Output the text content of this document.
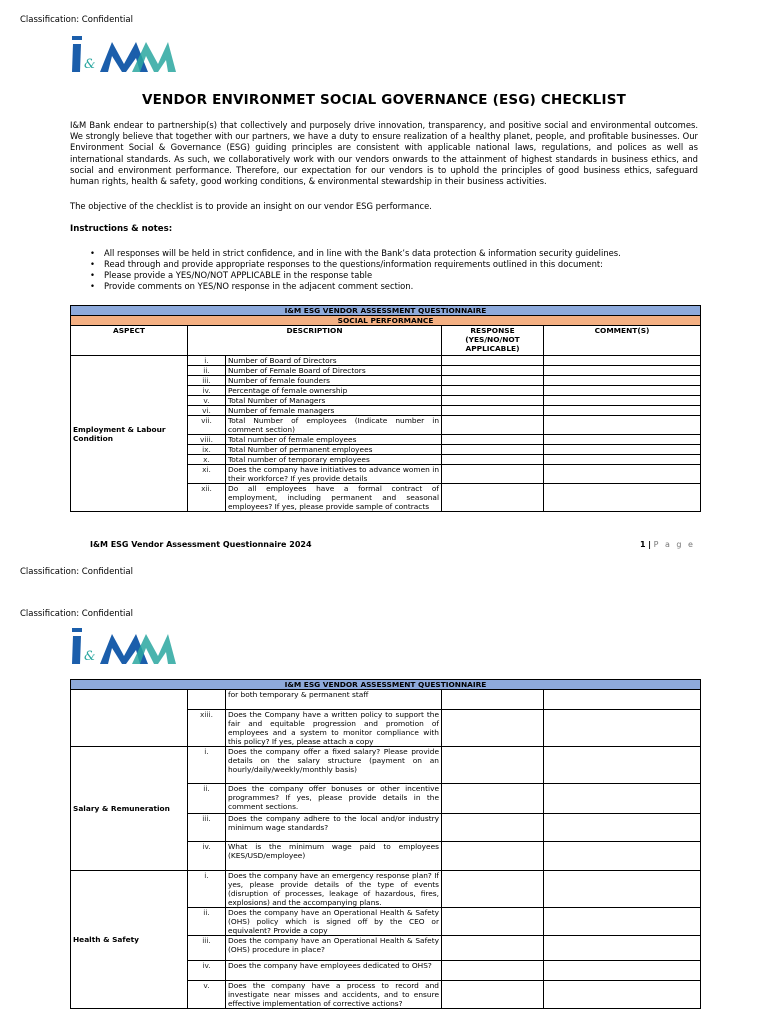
Classification: Confidential
&
VENDOR ENVIRONMET SOCIAL GOVERNANCE (ESG) CHECKLIST
I&M Bank endear to partnership(s) that collectively and purposely drive innovation, transparency, and positive social and environmental outcomes. We strongly believe that together with our partners, we have a duty to ensure realization of a healthy planet, people, and profitable businesses. Our Environment Social & Governance (ESG) guiding principles are consistent with applicable national laws, regulations, and polices as well as international standards. As such, we collaboratively work with our vendors onwards to the attainment of highest standards in business ethics, and social and environment performance. Therefore, our expectation for our vendors is to uphold the principles of good business ethics, safeguard human rights, health & safety, good working conditions, & environmental stewardship in their business activities.
The objective of the checklist is to provide an insight on our vendor ESG performance.
Instructions & notes:
• All responses will be held in strict confidence, and in line with the Bank’s data protection & information security guidelines.
• Read through and provide appropriate responses to the questions/information requirements outlined in this document:
• Please provide a YES/NO/NOT APPLICABLE in the response table
• Provide comments on YES/NO response in the adjacent comment section.
I&M ESG VENDOR ASSESSMENT QUESTIONNAIRE				
SOCIAL PERFORMANCE				
ASPECT	DESCRIPTION		RESPONSE (YES/NO/NOT APPLICABLE)	COMMENT(S)
Employment & Labour Condition	i.	Number of Board of Directors		
	ii.	Number of Female Board of Directors		
	iii.	Number of female founders		
	iv.	Percentage of female ownership		
	v.	Total Number of Managers		
	vi.	Number of female managers		
	vii.	Total Number of employees (Indicate number in comment section)		
	viii.	Total number of female employees		
	ix.	Total Number of permanent employees		
	x.	Total number of temporary employees		
	xi.	Does the company have initiatives to advance women in their workforce? If yes provide details		
	xii.	Do all employees have a formal contract of employment, including permanent and seasonal employees? If yes, please provide sample of contracts		
I&M ESG Vendor Assessment Questionnaire 2024	1 | P a g e
Classification: Confidential
Classification: Confidential
&
I&M ESG VENDOR ASSESSMENT QUESTIONNAIRE				
		for both temporary & permanent staff		
	xiii.	Does the Company have a written policy to support the fair and equitable progression and promotion of employees and a system to monitor compliance with this policy? If yes, please attach a copy		
Salary & Remuneration	i.	Does the company offer a fixed salary? Please provide details on the salary structure (payment on an hourly/daily/weekly/monthly basis)		
	ii.	Does the company offer bonuses or other incentive programmes? If yes, please provide details in the comment sections.		
	iii.	Does the company adhere to the local and/or industry minimum wage standards?		
	iv.	What is the minimum wage paid to employees (KES/USD/employee)		
Health & Safety	i.	Does the company have an emergency response plan? If yes, please provide details of the type of events (disruption of processes, leakage of hazardous, fires, explosions) and the accompanying plans.		
	ii.	Does the company have an Operational Health & Safety (OHS) policy which is signed off by the CEO or equivalent? Provide a copy		
	iii.	Does the company have an Operational Health & Safety (OHS) procedure in place?		
	iv.	Does the company have employees dedicated to OHS?		
	v.	Does the company have a process to record and investigate near misses and accidents, and to ensure effective implementation of corrective actions?		
